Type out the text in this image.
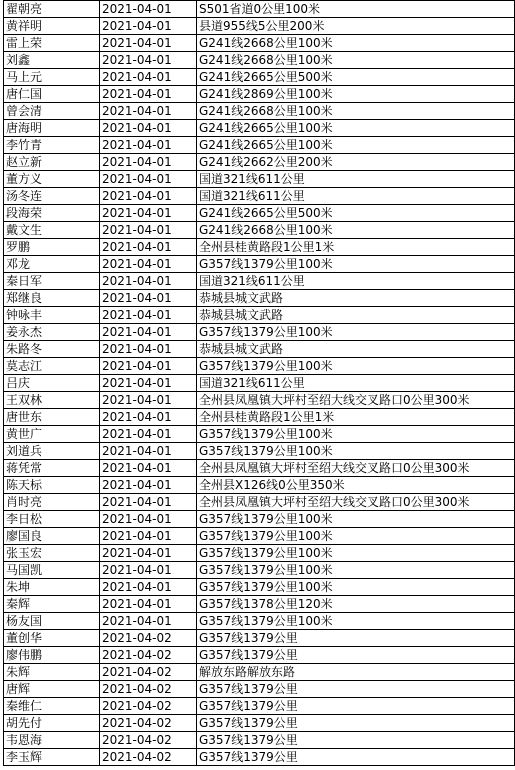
翟朝亮	2021-04-01	S501省道0公里100米
黄祥明	2021-04-01	县道955线5公里200米
雷上荣	2021-04-01	G241线2668公里100米
刘鑫	2021-04-01	G241线2668公里100米
马上元	2021-04-01	G241线2665公里500米
唐仁国	2021-04-01	G241线2869公里100米
曾会清	2021-04-01	G241线2668公里100米
唐海明	2021-04-01	G241线2665公里100米
李竹青	2021-04-01	G241线2665公里100米
赵立新	2021-04-01	G241线2662公里200米
董方义	2021-04-01	国道321线611公里
汤冬连	2021-04-01	国道321线611公里
段海荣	2021-04-01	G241线2665公里500米
戴文生	2021-04-01	G241线2668公里100米
罗鹏	2021-04-01	全州县桂黄路段1公里1米
邓龙	2021-04-01	G357线1379公里100米
秦日军	2021-04-01	国道321线611公里
郑继良	2021-04-01	恭城县城文武路
钟咏丰	2021-04-01	恭城县城文武路
姜永杰	2021-04-01	G357线1379公里100米
朱路冬	2021-04-01	恭城县城文武路
莫志江	2021-04-01	G357线1379公里100米
吕庆	2021-04-01	国道321线611公里
王双林	2021-04-01	全州县凤凰镇大坪村至绍大线交叉路口0公里300米
唐世东	2021-04-01	全州县桂黄路段1公里1米
黄世广	2021-04-01	G357线1379公里100米
刘道兵	2021-04-01	G357线1379公里100米
蒋凭常	2021-04-01	全州县凤凰镇大坪村至绍大线交叉路口0公里300米
陈天标	2021-04-01	全州县X126线0公里350米
肖时亮	2021-04-01	全州县凤凰镇大坪村至绍大线交叉路口0公里300米
李日松	2021-04-01	G357线1379公里100米
廖国良	2021-04-01	G357线1379公里100米
张玉宏	2021-04-01	G357线1379公里100米
马国凯	2021-04-01	G357线1379公里100米
朱坤	2021-04-01	G357线1379公里100米
秦辉	2021-04-01	G357线1378公里120米
杨友国	2021-04-01	G357线1379公里100米
董创华	2021-04-02	G357线1379公里
廖伟鹏	2021-04-02	G357线1379公里
朱辉	2021-04-02	解放东路解放东路
唐辉	2021-04-02	G357线1379公里
秦维仁	2021-04-02	G357线1379公里
胡先付	2021-04-02	G357线1379公里
韦恩海	2021-04-02	G357线1379公里
李玉辉	2021-04-02	G357线1379公里
